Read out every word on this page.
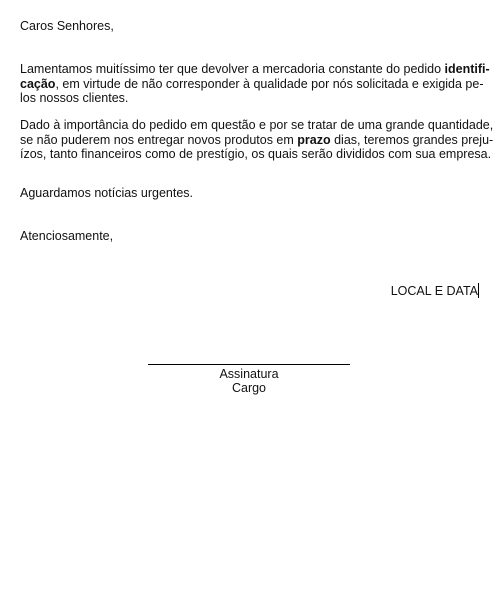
Caros Senhores,
Lamentamos muitíssimo ter que devolver a mercadoria constante do pedido identifi-
cação, em virtude de não corresponder à qualidade por nós solicitada e exigida pe-
los nossos clientes.
Dado à importância do pedido em questão e por se tratar de uma grande quantidade,
se não puderem nos entregar novos produtos em prazo dias, teremos grandes preju-
ízos, tanto financeiros como de prestígio, os quais serão divididos com sua empresa.
Aguardamos notícias urgentes.
Atenciosamente,
LOCAL E DATA
Assinatura
Cargo
